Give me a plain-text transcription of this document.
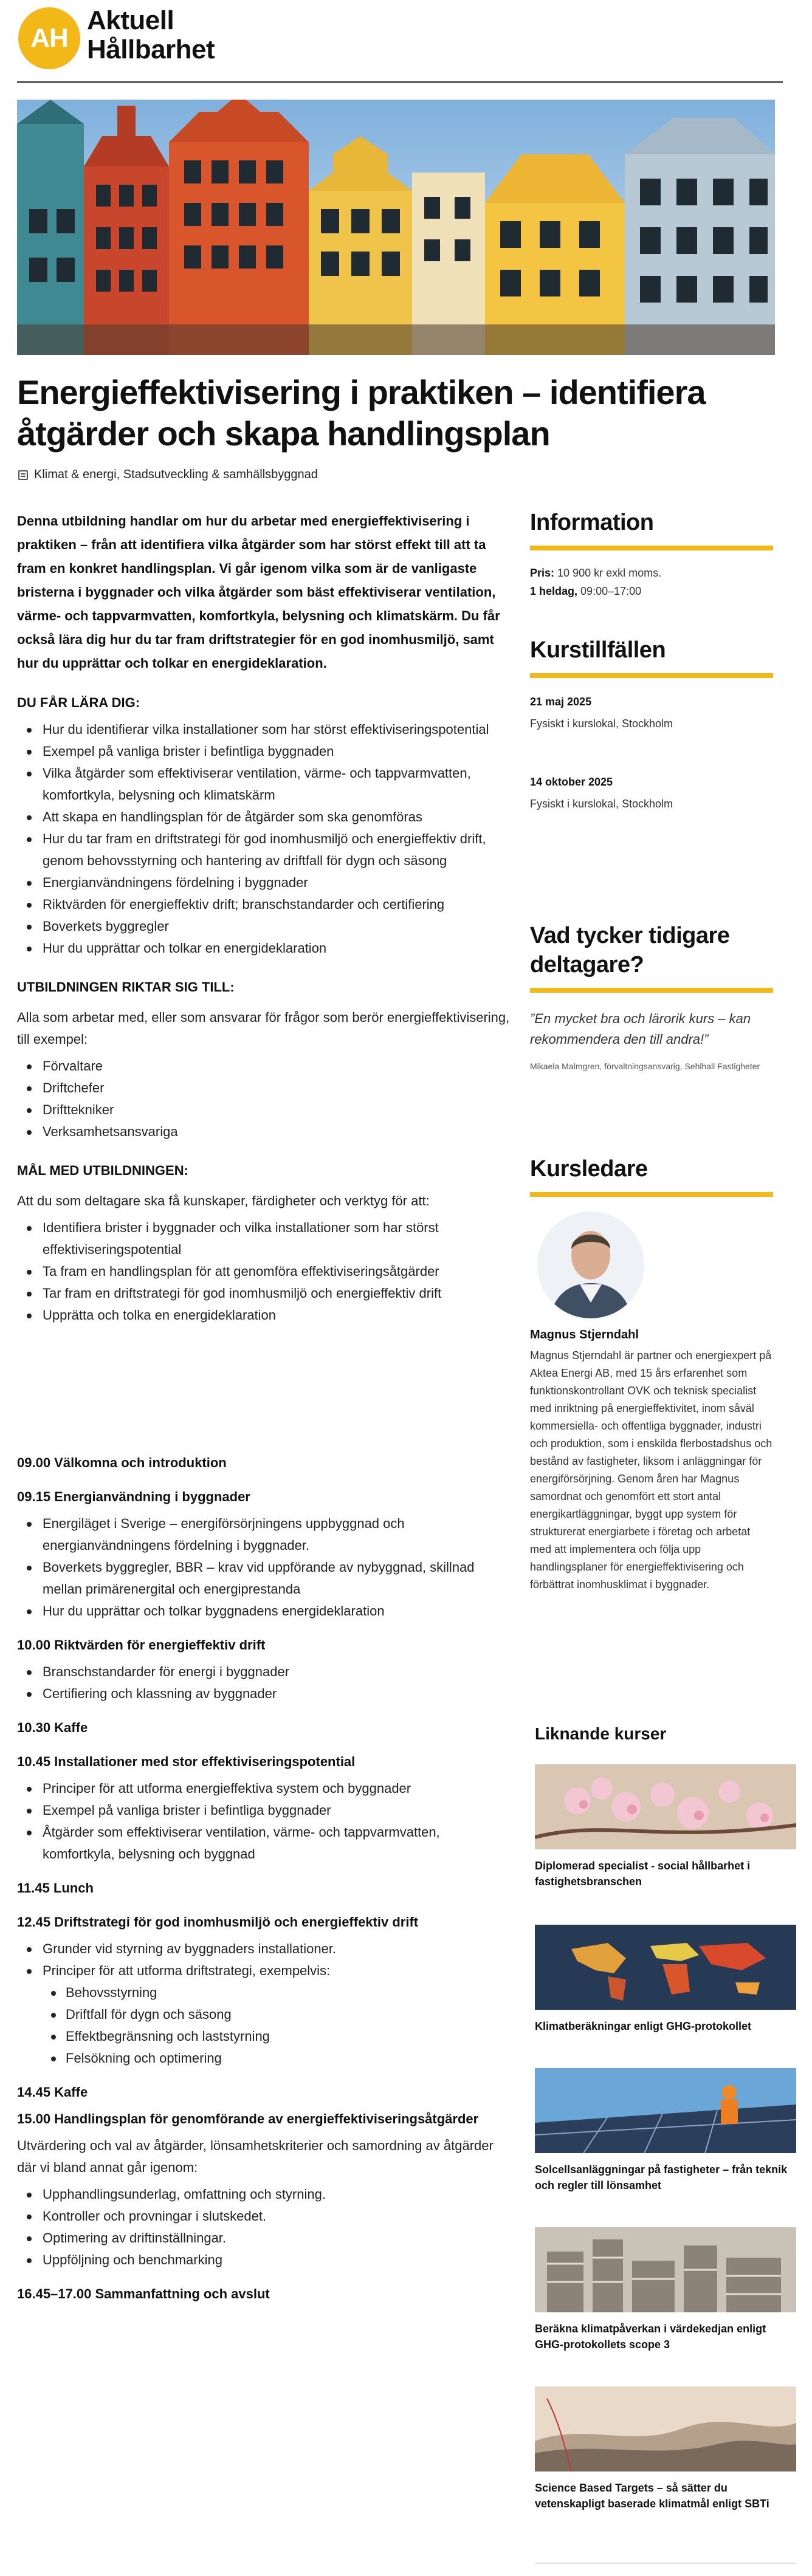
AH
Aktuell
Hållbarhet
Energieffektivisering i praktiken – identifiera åtgärder och skapa handlingsplan
Klimat & energi, Stadsutveckling & samhällsbyggnad

Denna utbildning handlar om hur du arbetar med energieffektivisering i praktiken – från att identifiera vilka åtgärder som har störst effekt till att ta fram en konkret handlingsplan. Vi går igenom vilka som är de vanligaste bristerna i byggnader och vilka åtgärder som bäst effektiviserar ventilation, värme- och tappvarmvatten, komfortkyla, belysning och klimatskärm. Du får också lära dig hur du tar fram driftstrategier för en god inomhusmiljö, samt hur du upprättar och tolkar en energideklaration.

DU FÅR LÄRA DIG:
Hur du identifierar vilka installationer som har störst effektiviseringspotential
Exempel på vanliga brister i befintliga byggnaden
Vilka åtgärder som effektiviserar ventilation, värme- och tappvarmvatten, komfortkyla, belysning och klimatskärm
Att skapa en handlingsplan för de åtgärder som ska genomföras
Hur du tar fram en driftstrategi för god inomhusmiljö och energieffektiv drift, genom behovsstyrning och hantering av driftfall för dygn och säsong
Energianvändningens fördelning i byggnader
Riktvärden för energieffektiv drift; branschstandarder och certifiering
Boverkets byggregler
Hur du upprättar och tolkar en energideklaration
UTBILDNINGEN RIKTAR SIG TILL:

Alla som arbetar med, eller som ansvarar för frågor som berör energieffektivisering, till exempel:

Förvaltare
Driftchefer
Drifttekniker
Verksamhetsansvariga
MÅL MED UTBILDNINGEN:

Att du som deltagare ska få kunskaper, färdigheter och verktyg för att:

Identifiera brister i byggnader och vilka installationer som har störst effektiviseringspotential
Ta fram en handlingsplan för att genomföra effektiviseringsåtgärder
Tar fram en driftstrategi för god inomhusmiljö och energieffektiv drift
Upprätta och tolka en energideklaration
09.00 Välkomna och introduktion
09.15 Energianvändning i byggnader
Energiläget i Sverige – energiförsörjningens uppbyggnad och energianvändningens fördelning i byggnader.
Boverkets byggregler, BBR – krav vid uppförande av nybyggnad, skillnad mellan primärenergital och energiprestanda
Hur du upprättar och tolkar byggnadens energideklaration
10.00 Riktvärden för energieffektiv drift
Branschstandarder för energi i byggnader
Certifiering och klassning av byggnader
10.30 Kaffe
10.45 Installationer med stor effektiviseringspotential
Principer för att utforma energieffektiva system och byggnader
Exempel på vanliga brister i befintliga byggnader
Åtgärder som effektiviserar ventilation, värme- och tappvarmvatten, komfortkyla, belysning och byggnad
11.45 Lunch
12.45 Driftstrategi för god inomhusmiljö och energieffektiv drift
Grunder vid styrning av byggnaders installationer.
Principer för att utforma driftstrategi, exempelvis:
Behovsstyrning
Driftfall för dygn och säsong
Effektbegränsning och laststyrning
Felsökning och optimering
14.45 Kaffe
15.00 Handlingsplan för genomförande av energieffektiviseringsåtgärder

Utvärdering och val av åtgärder, lönsamhetskriterier och samordning av åtgärder där vi bland annat går igenom:

Upphandlingsunderlag, omfattning och styrning.
Kontroller och provningar i slutskedet.
Optimering av driftinställningar.
Uppföljning och benchmarking
16.45–17.00 Sammanfattning och avslut
Information
Pris: 10 900 kr exkl moms.
1 heldag, 09:00–17:00
Kurstillfällen
21 maj 2025
Fysiskt i kurslokal, Stockholm
14 oktober 2025
Fysiskt i kurslokal, Stockholm
Vad tycker tidigare deltagare?
”En mycket bra och lärorik kurs – kan rekommendera den till andra!”
Mikaela Malmgren, förvaltningsansvarig, Sehlhall Fastigheter
Kursledare
Magnus Stjerndahl
Magnus Stjerndahl är partner och energiexpert på Aktea Energi AB, med 15 års erfarenhet som funktionskontrollant OVK och teknisk specialist med inriktning på energieffektivitet, inom såväl kommersiella- och offentliga byggnader, industri och produktion, som i enskilda flerbostadshus och bestånd av fastigheter, liksom i anläggningar för energiförsörjning. Genom åren har Magnus samordnat och genomfört ett stort antal energikartläggningar, byggt upp system för strukturerat energiarbete i företag och arbetat med att implementera och följa upp handlingsplaner för energieffektivisering och förbättrat inomhusklimat i byggnader.
Liknande kurser
Diplomerad specialist - social hållbarhet i fastighetsbranschen
Klimatberäkningar enligt GHG-protokollet
Solcellsanläggningar på fastigheter – från teknik och regler till lönsamhet
Beräkna klimatpåverkan i värdekedjan enligt GHG-protokollets scope 3
Science Based Targets – så sätter du vetenskapligt baserade klimatmål enligt SBTi
